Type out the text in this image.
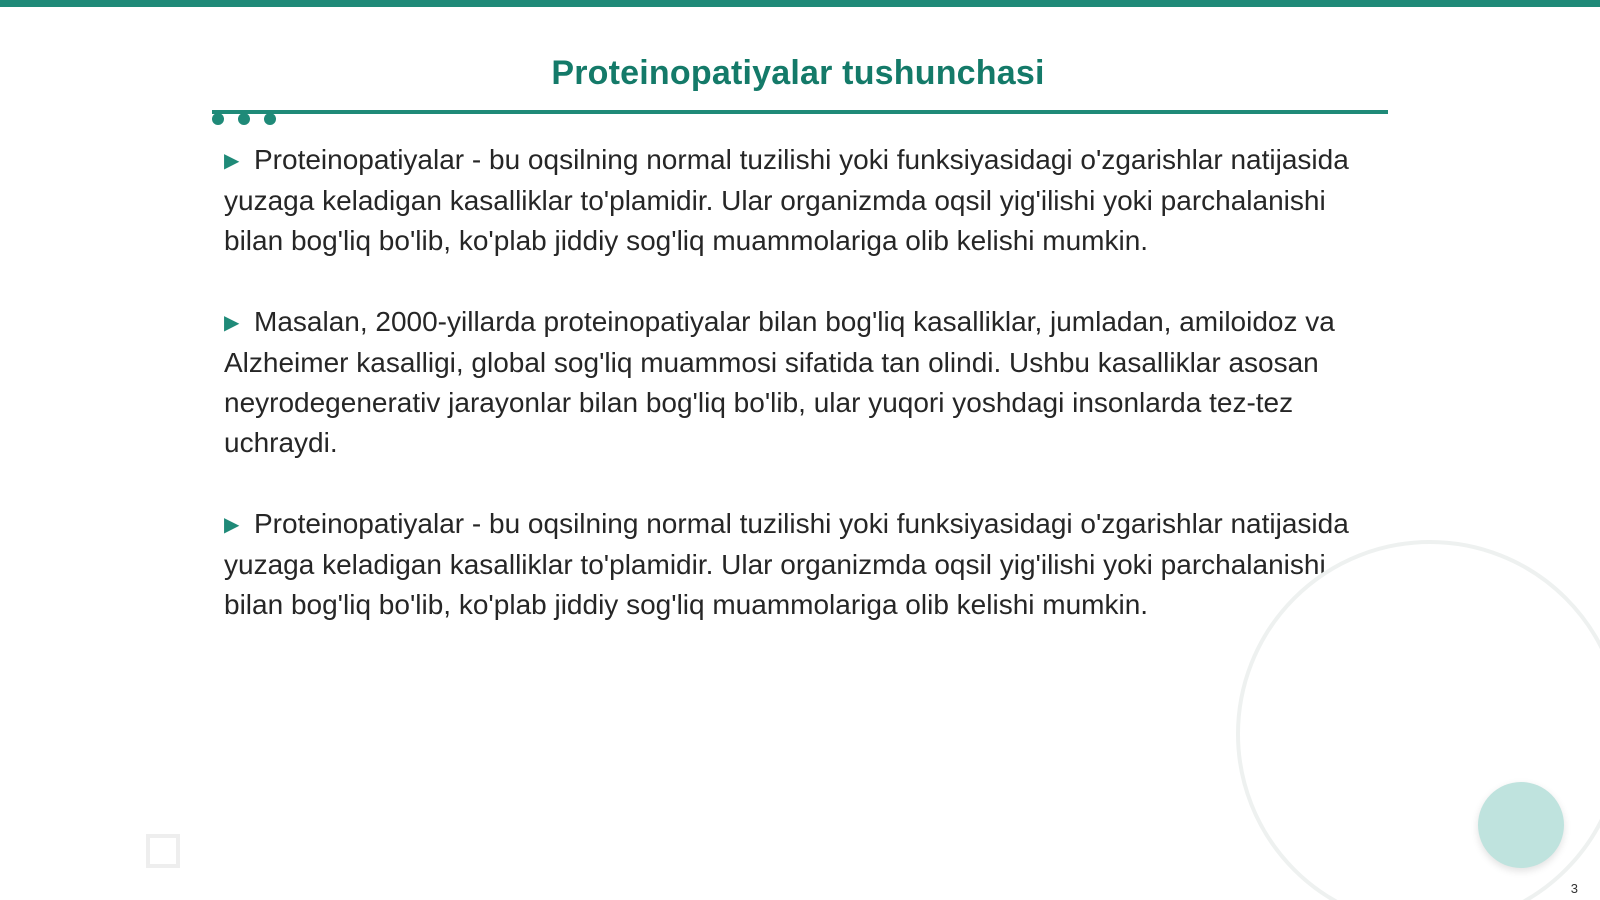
Proteinopatiyalar tushunchasi

▶ Proteinopatiyalar - bu oqsilning normal tuzilishi yoki funksiyasidagi o'zgarishlar natijasida yuzaga keladigan kasalliklar to'plamidir. Ular organizmda oqsil yig'ilishi yoki parchalanishi bilan bog'liq bo'lib, ko'plab jiddiy sog'liq muammolariga olib kelishi mumkin.

▶ Masalan, 2000-yillarda proteinopatiyalar bilan bog'liq kasalliklar, jumladan, amiloidoz va Alzheimer kasalligi, global sog'liq muammosi sifatida tan olindi. Ushbu kasalliklar asosan neyrodegenerativ jarayonlar bilan bog'liq bo'lib, ular yuqori yoshdagi insonlarda tez-tez uchraydi.

▶ Proteinopatiyalar - bu oqsilning normal tuzilishi yoki funksiyasidagi o'zgarishlar natijasida yuzaga keladigan kasalliklar to'plamidir. Ular organizmda oqsil yig'ilishi yoki parchalanishi bilan bog'liq bo'lib, ko'plab jiddiy sog'liq muammolariga olib kelishi mumkin.

3
